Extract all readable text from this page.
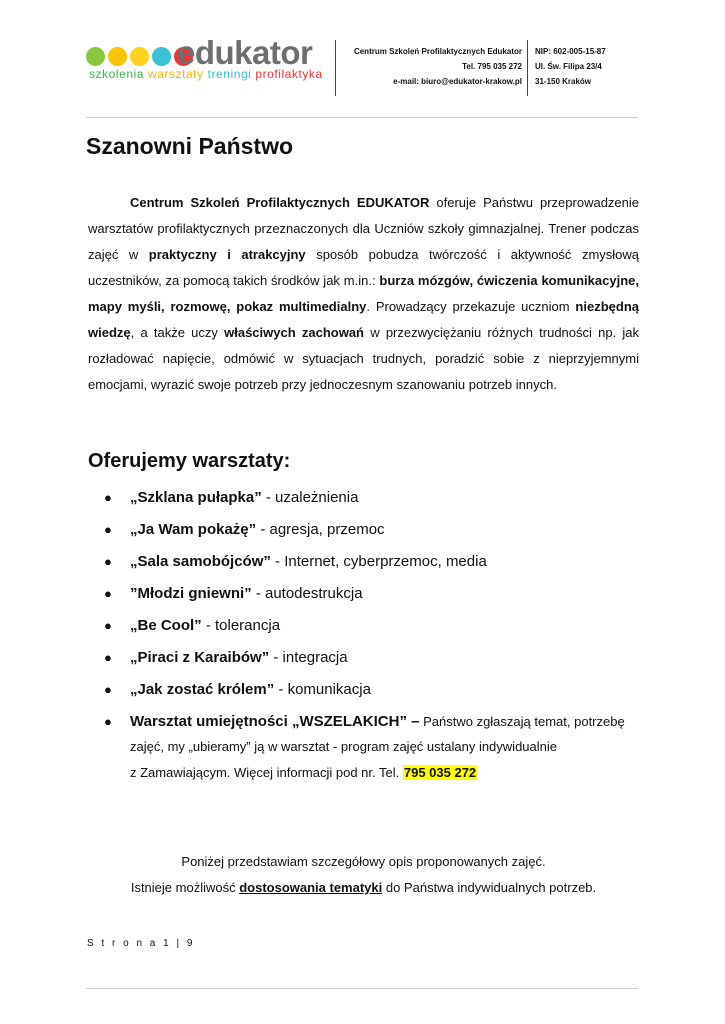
edukator
szkolenia warsztaty treningi profilaktyka
Centrum Szkoleń Profilaktycznych Edukator
Tel. 795 035 272
e-mail: biuro@edukator-krakow.pl
NIP: 602-005-15-87
Ul. Św. Filipa 23/4
31-150 Kraków
Szanowni Państwo

Centrum Szkoleń Profilaktycznych EDUKATOR oferuje Państwu przeprowadzenie warsztatów profilaktycznych przeznaczonych dla Uczniów szkoły gimnazjalnej. Trener podczas zajęć w praktyczny i atrakcyjny sposób pobudza twórczość i aktywność zmysłową uczestników, za pomocą takich środków jak m.in.: burza mózgów, ćwiczenia komunikacyjne, mapy myśli, rozmowę, pokaz multimedialny. Prowadzący przekazuje uczniom niezbędną wiedzę, a także uczy właściwych zachowań w przezwyciężaniu różnych trudności np. jak rozładować napięcie, odmówić w sytuacjach trudnych, poradzić sobie z nieprzyjemnymi emocjami, wyrazić swoje potrzeb przy jednoczesnym szanowaniu potrzeb innych.

Oferujemy warsztaty:
● „Szklana pułapka” - uzależnienia
● „Ja Wam pokażę” - agresja, przemoc
● „Sala samobójców” - Internet, cyberprzemoc, media
● ”Młodzi gniewni” - autodestrukcja
● „Be Cool” - tolerancja
● „Piraci z Karaibów” - integracja
● „Jak zostać królem” - komunikacja
● Warsztat umiejętności „WSZELAKICH” – Państwo zgłaszają temat, potrzebę
zajęć, my „ubieramy” ją w warsztat - program zajęć ustalany indywidualnie
z Zamawiającym. Więcej informacji pod nr. Tel. 795 035 272

Poniżej przedstawiam szczegółowy opis proponowanych zajęć.

Istnieje możliwość dostosowania tematyki do Państwa indywidualnych potrzeb.

S t r o n a 1 | 9
